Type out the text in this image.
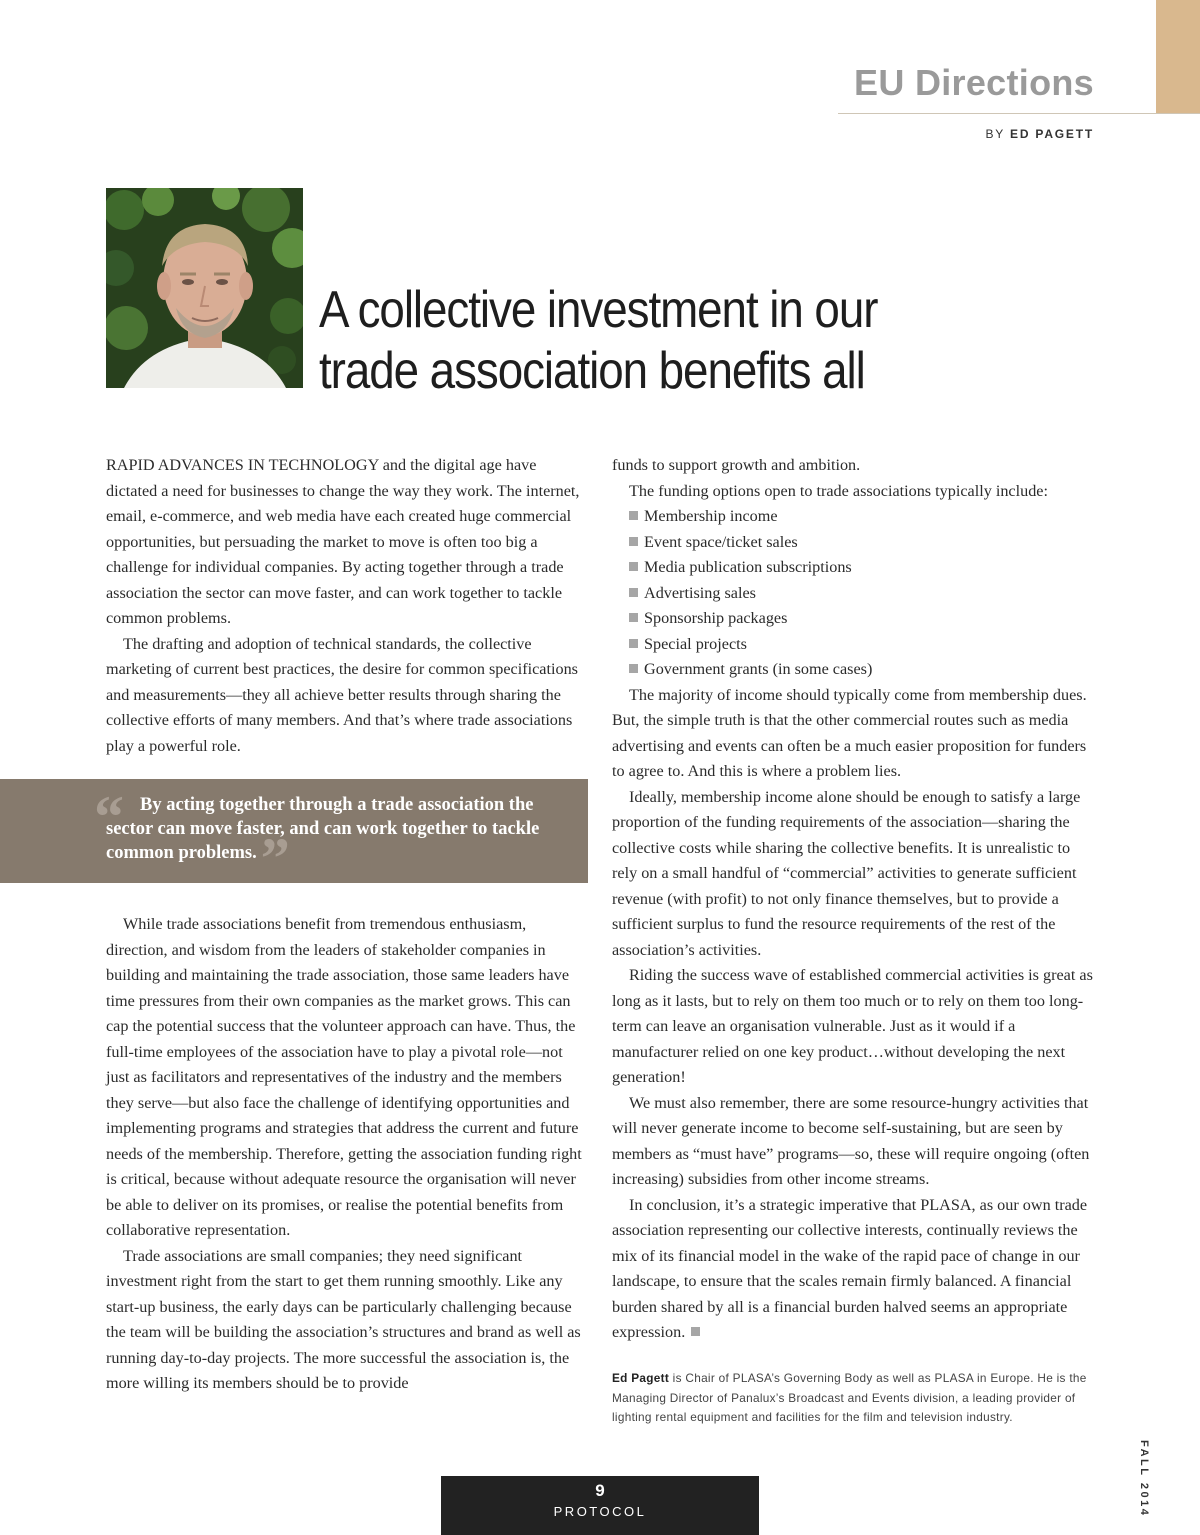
EU Directions
BY ED PAGETT
A collective investment in our trade association benefits all

RAPID ADVANCES IN TECHNOLOGY and the digital age have dictated a need for businesses to change the way they work. The internet, email, e-commerce, and web media have each created huge commercial opportunities, but persuading the market to move is often too big a challenge for individual companies. By acting together through a trade association the sector can move faster, and can work together to tackle common problems.

The drafting and adoption of technical standards, the collective marketing of current best practices, the desire for common specifications and measurements—they all achieve better results through sharing the collective efforts of many members. And that’s where trade associations play a powerful role.

“ By acting together through a trade association the sector can move faster, and can work together to tackle common problems.”

While trade associations benefit from tremendous enthusiasm, direction, and wisdom from the leaders of stakeholder companies in building and maintaining the trade association, those same leaders have time pressures from their own companies as the market grows. This can cap the potential success that the volunteer approach can have. Thus, the full-time employees of the association have to play a pivotal role—not just as facilitators and representatives of the industry and the members they serve—but also face the challenge of identifying opportunities and implementing programs and strategies that address the current and future needs of the membership. Therefore, getting the association funding right is critical, because without adequate resource the organisation will never be able to deliver on its promises, or realise the potential benefits from collaborative representation.

Trade associations are small companies; they need significant investment right from the start to get them running smoothly. Like any start-up business, the early days can be particularly challenging because the team will be building the association’s structures and brand as well as running day-to-day projects. The more successful the association is, the more willing its members should be to provide

funds to support growth and ambition.

The funding options open to trade associations typically include:

Membership income
Event space/ticket sales
Media publication subscriptions
Advertising sales
Sponsorship packages
Special projects
Government grants (in some cases)

The majority of income should typically come from membership dues. But, the simple truth is that the other commercial routes such as media advertising and events can often be a much easier proposition for funders to agree to. And this is where a problem lies.

Ideally, membership income alone should be enough to satisfy a large proportion of the funding requirements of the association—sharing the collective costs while sharing the collective benefits. It is unrealistic to rely on a small handful of “commercial” activities to generate sufficient revenue (with profit) to not only finance themselves, but to provide a sufficient surplus to fund the resource requirements of the rest of the association’s activities.

Riding the success wave of established commercial activities is great as long as it lasts, but to rely on them too much or to rely on them too long-term can leave an organisation vulnerable. Just as it would if a manufacturer relied on one key product…without developing the next generation!

We must also remember, there are some resource-hungry activities that will never generate income to become self-sustaining, but are seen by members as “must have” programs—so, these will require ongoing (often increasing) subsidies from other income streams.

In conclusion, it’s a strategic imperative that PLASA, as our own trade association representing our collective interests, continually reviews the mix of its financial model in the wake of the rapid pace of change in our landscape, to ensure that the scales remain firmly balanced. A financial burden shared by all is a financial burden halved seems an appropriate expression.

Ed Pagett is Chair of PLASA’s Governing Body as well as PLASA in Europe. He is the Managing Director of Panalux’s Broadcast and Events division, a leading provider of lighting rental equipment and facilities for the film and television industry.
9
PROTOCOL	FALL 2014
